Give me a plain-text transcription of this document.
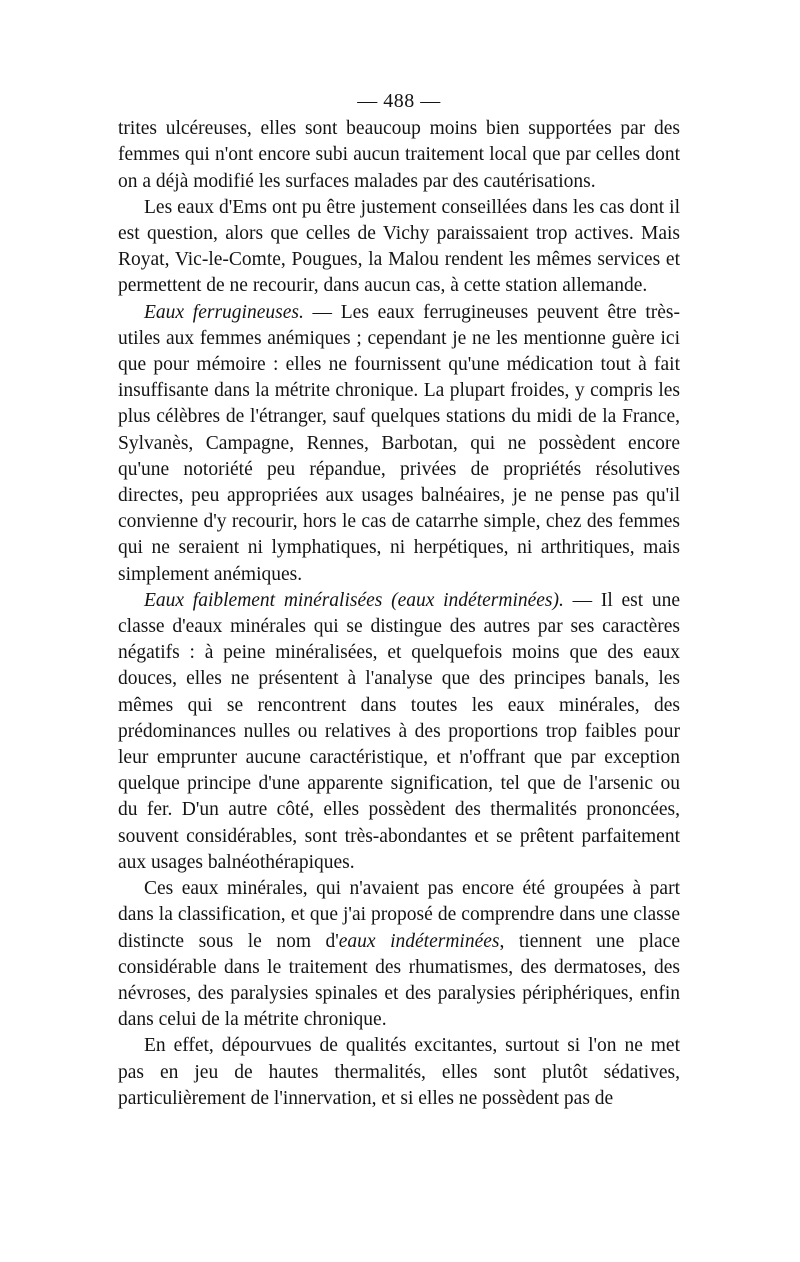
— 488 —

trites ulcéreuses, elles sont beaucoup moins bien supportées par des femmes qui n'ont encore subi aucun traitement local que par celles dont on a déjà modifié les surfaces malades par des cautérisations.

Les eaux d'Ems ont pu être justement conseillées dans les cas dont il est question, alors que celles de Vichy paraissaient trop actives. Mais Royat, Vic-le-Comte, Pougues, la Malou rendent les mêmes services et permettent de ne recourir, dans aucun cas, à cette station allemande.

Eaux ferrugineuses. — Les eaux ferrugineuses peuvent être très-utiles aux femmes anémiques ; cependant je ne les mentionne guère ici que pour mémoire : elles ne fournissent qu'une médication tout à fait insuffisante dans la métrite chronique. La plupart froides, y compris les plus célèbres de l'étranger, sauf quelques stations du midi de la France, Sylvanès, Campagne, Rennes, Barbotan, qui ne possèdent encore qu'une notoriété peu répandue, privées de propriétés résolutives directes, peu appropriées aux usages balnéaires, je ne pense pas qu'il convienne d'y recourir, hors le cas de catarrhe simple, chez des femmes qui ne seraient ni lymphatiques, ni herpétiques, ni arthritiques, mais simplement anémiques.

Eaux faiblement minéralisées (eaux indéterminées). — Il est une classe d'eaux minérales qui se distingue des autres par ses caractères négatifs : à peine minéralisées, et quelquefois moins que des eaux douces, elles ne présentent à l'analyse que des principes banals, les mêmes qui se rencontrent dans toutes les eaux minérales, des prédominances nulles ou relatives à des proportions trop faibles pour leur emprunter aucune caractéristique, et n'offrant que par exception quelque principe d'une apparente signification, tel que de l'arsenic ou du fer. D'un autre côté, elles possèdent des thermalités prononcées, souvent considérables, sont très-abondantes et se prêtent parfaitement aux usages balnéothérapiques.

Ces eaux minérales, qui n'avaient pas encore été groupées à part dans la classification, et que j'ai proposé de comprendre dans une classe distincte sous le nom d'eaux indéterminées, tiennent une place considérable dans le traitement des rhumatismes, des dermatoses, des névroses, des paralysies spinales et des paralysies périphériques, enfin dans celui de la métrite chronique.

En effet, dépourvues de qualités excitantes, surtout si l'on ne met pas en jeu de hautes thermalités, elles sont plutôt sédatives, particulièrement de l'innervation, et si elles ne possèdent pas de
